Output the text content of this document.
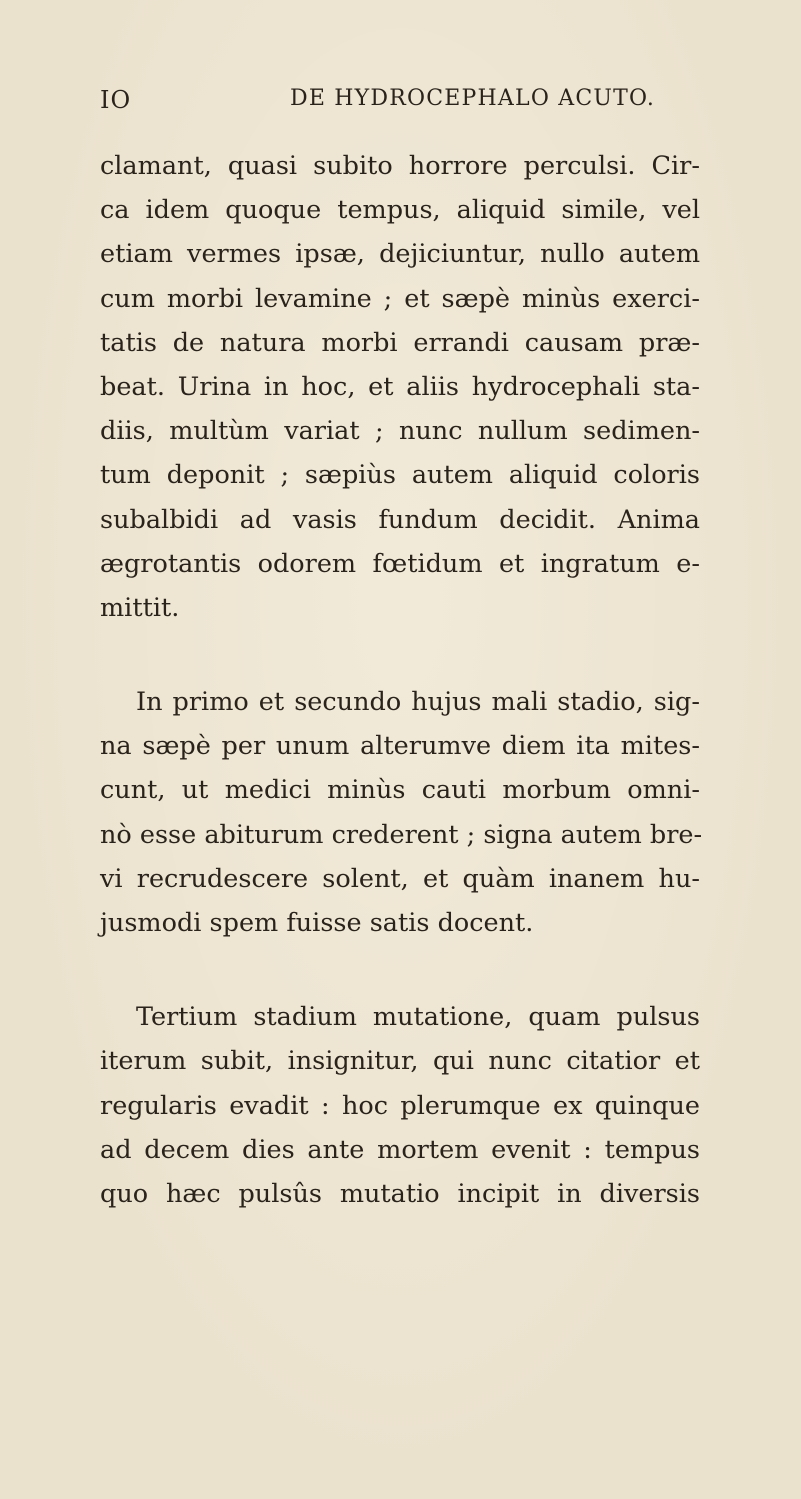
IO	DE HYDROCEPHALO ACUTO.

clamant, quasi subito horrore perculsi. Cir-
ca idem quoque tempus, aliquid simile, vel
etiam vermes ipsæ, dejiciuntur, nullo autem
cum morbi levamine ; et sæpè minùs exerci-
tatis de natura morbi errandi causam præ-
beat. Urina in hoc, et aliis hydrocephali sta-
diis, multùm variat ; nunc nullum sedimen-
tum deponit ; sæpiùs autem aliquid coloris
subalbidi ad vasis fundum decidit. Anima
ægrotantis odorem fœtidum et ingratum e-
mittit.

In primo et secundo hujus mali stadio, sig-
na sæpè per unum alterumve diem ita mites-
cunt, ut medici minùs cauti morbum omni-
nò esse abiturum crederent ; signa autem bre-
vi recrudescere solent, et quàm inanem hu-
jusmodi spem fuisse satis docent.

Tertium stadium mutatione, quam pulsus
iterum subit, insignitur, qui nunc citatior et
regularis evadit : hoc plerumque ex quinque
ad decem dies ante mortem evenit : tempus
quo hæc pulsûs mutatio incipit in diversis
